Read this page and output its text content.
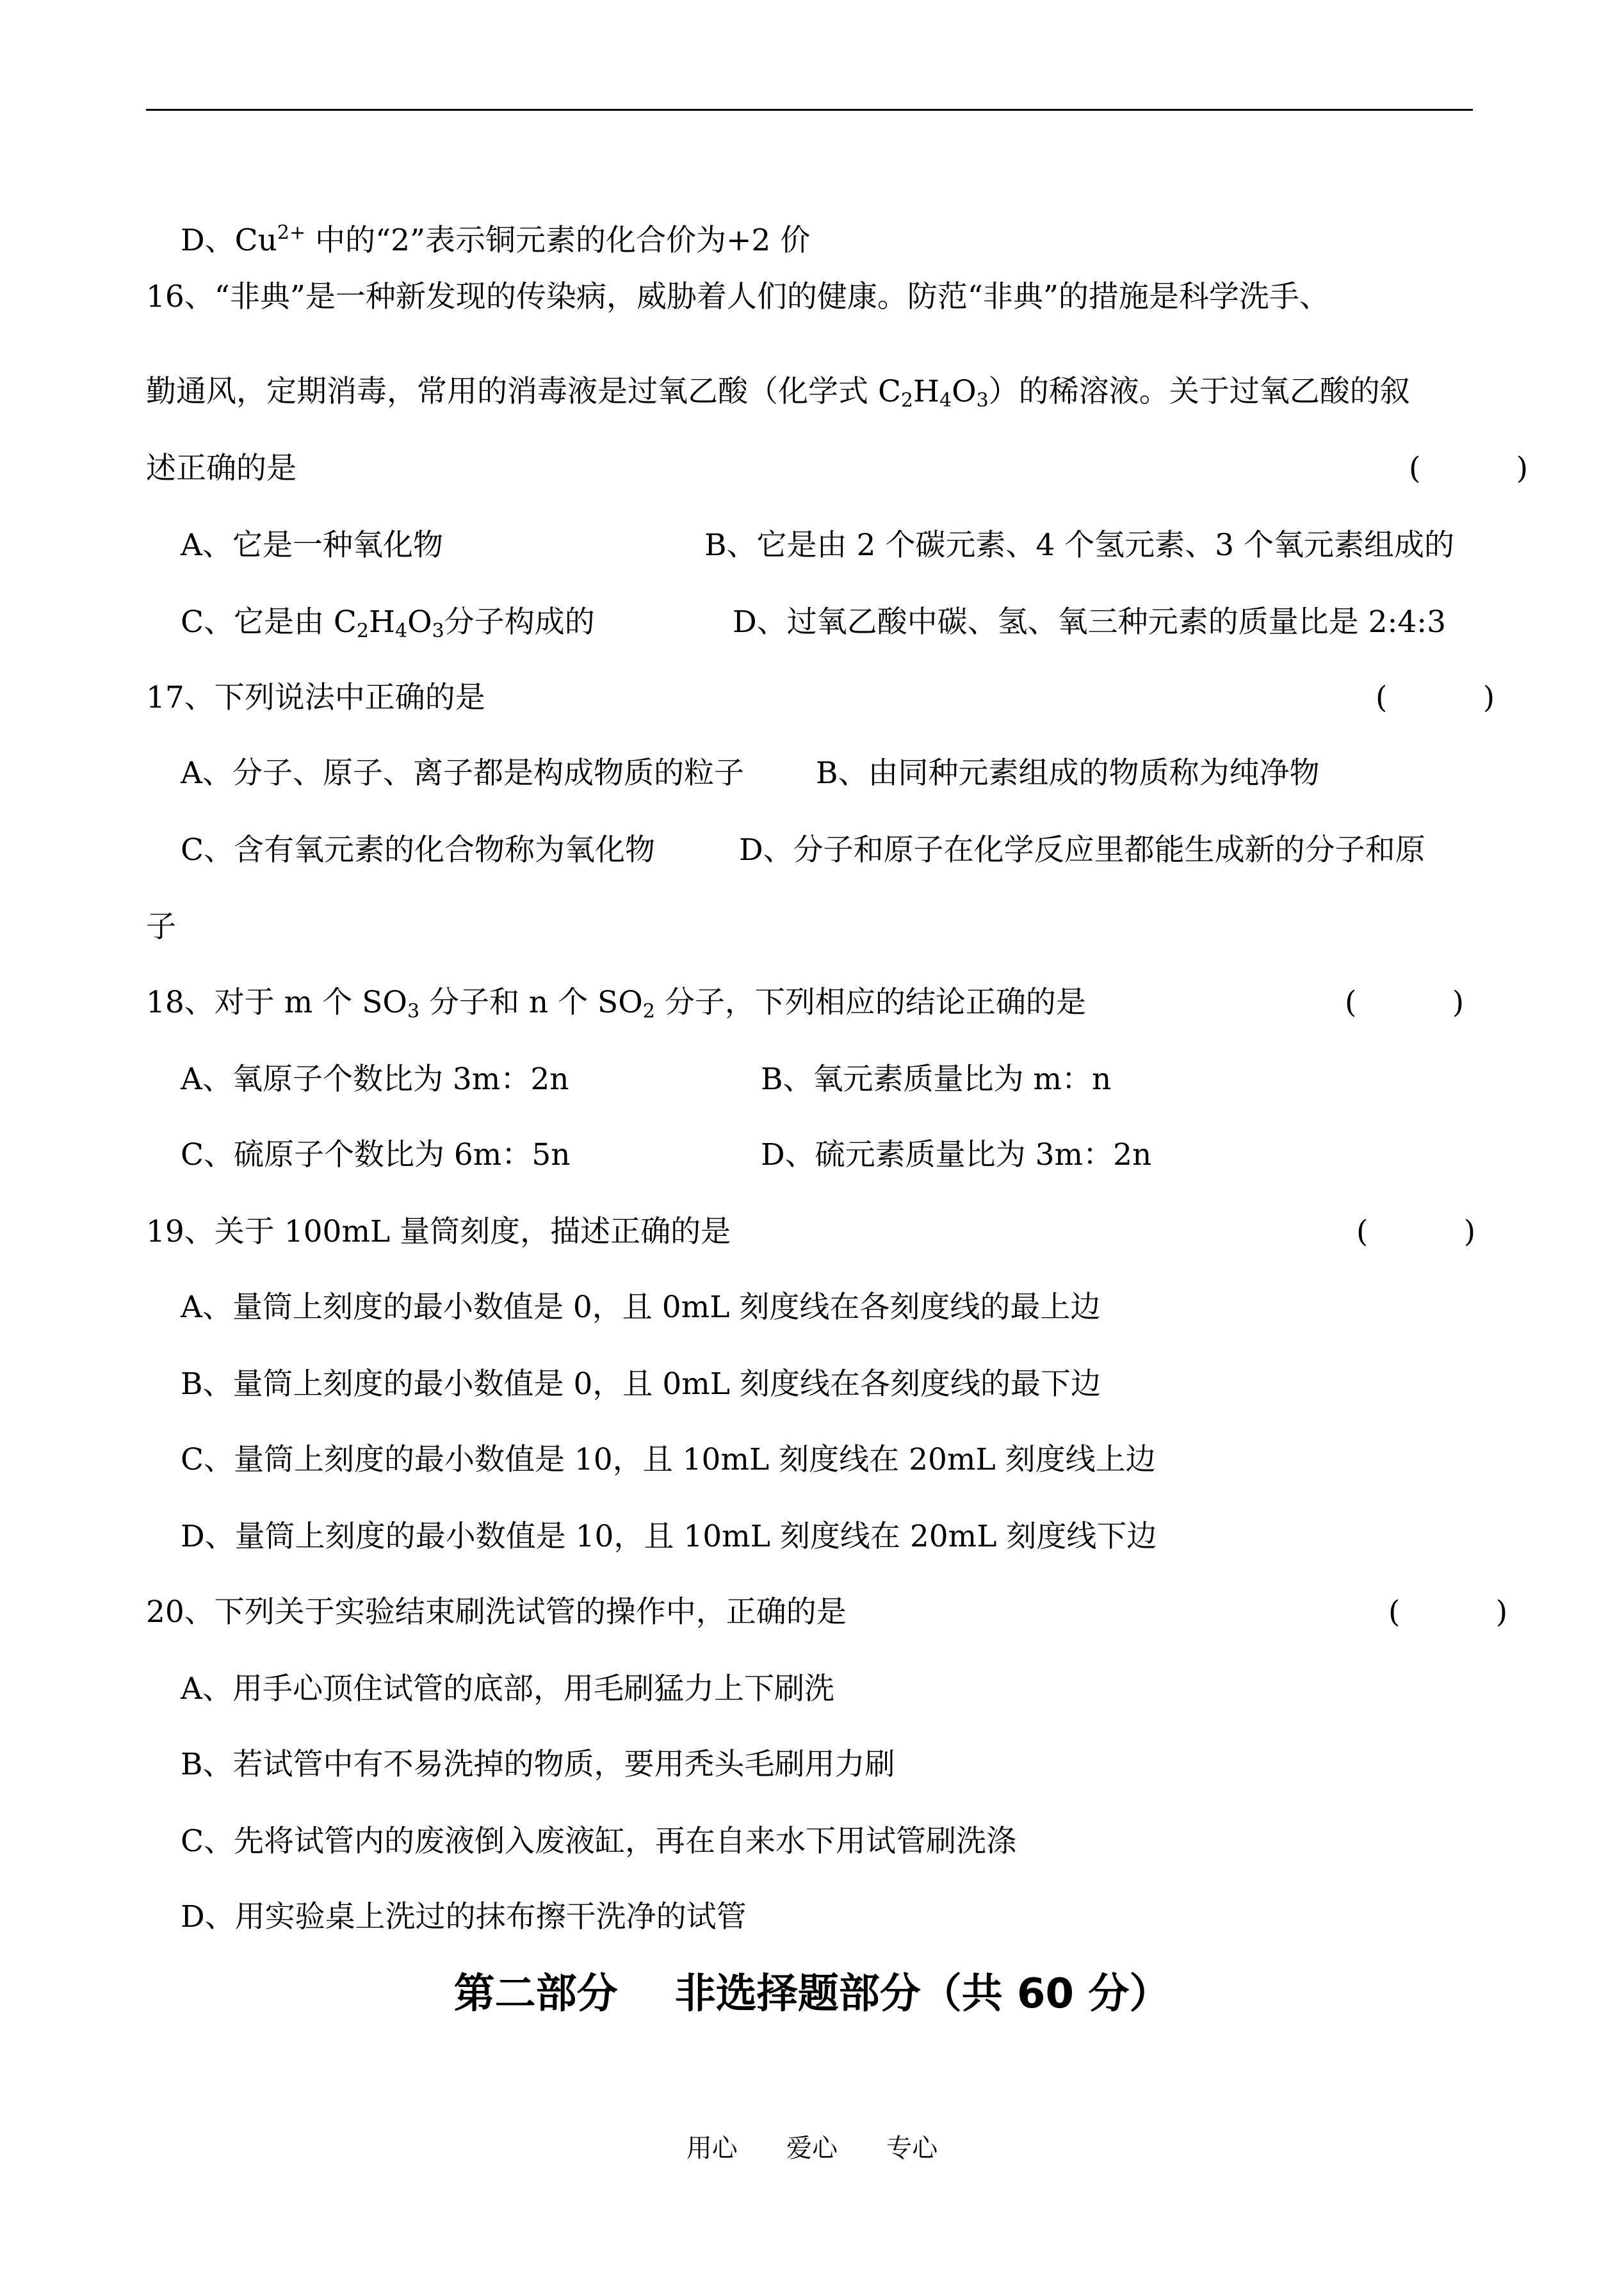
D、$Cu^{2+}$ 中的“2”表示铜元素的化合价为+2 价
16、“非典”是一种新发现的传染病，威胁着人们的健康。防范“非典”的措施是科学洗手、
勤通风，定期消毒，常用的消毒液是过氧乙酸（化学式 $C_2H_4O_3$）的稀溶液。关于过氧乙酸的叙
述正确的是	(          )
A、它是一种氧化物	B、它是由 2 个碳元素、4 个氢元素、3 个氧元素组成的
C、它是由 $C_2H_4O_3$分子构成的	D、过氧乙酸中碳、氢、氧三种元素的质量比是 2:4:3
17、下列说法中正确的是	(          )
A、分子、原子、离子都是构成物质的粒子 B、由同种元素组成的物质称为纯净物
C、含有氧元素的化合物称为氧化物	D、分子和原子在化学反应里都能生成新的分子和原
子
18、对于 m 个 $SO_3$ 分子和 n 个 $SO_2$ 分子，下列相应的结论正确的是	(          )
A、氧原子个数比为 3m：2n	B、氧元素质量比为 m：n
C、硫原子个数比为 6m：5n	D、硫元素质量比为 3m：2n
19、关于 100mL 量筒刻度，描述正确的是	(          )
A、量筒上刻度的最小数值是 0，且 0mL 刻度线在各刻度线的最上边
B、量筒上刻度的最小数值是 0，且 0mL 刻度线在各刻度线的最下边
C、量筒上刻度的最小数值是 10，且 10mL 刻度线在 20mL 刻度线上边
D、量筒上刻度的最小数值是 10，且 10mL 刻度线在 20mL 刻度线下边
20、下列关于实验结束刷洗试管的操作中，正确的是	(          )
A、用手心顶住试管的底部，用毛刷猛力上下刷洗
B、若试管中有不易洗掉的物质，要用秃头毛刷用力刷
C、先将试管内的废液倒入废液缸，再在自来水下用试管刷洗涤
D、用实验桌上洗过的抹布擦干洗净的试管
第二部分    非选择题部分（共 60 分）
用心      爱心      专心
